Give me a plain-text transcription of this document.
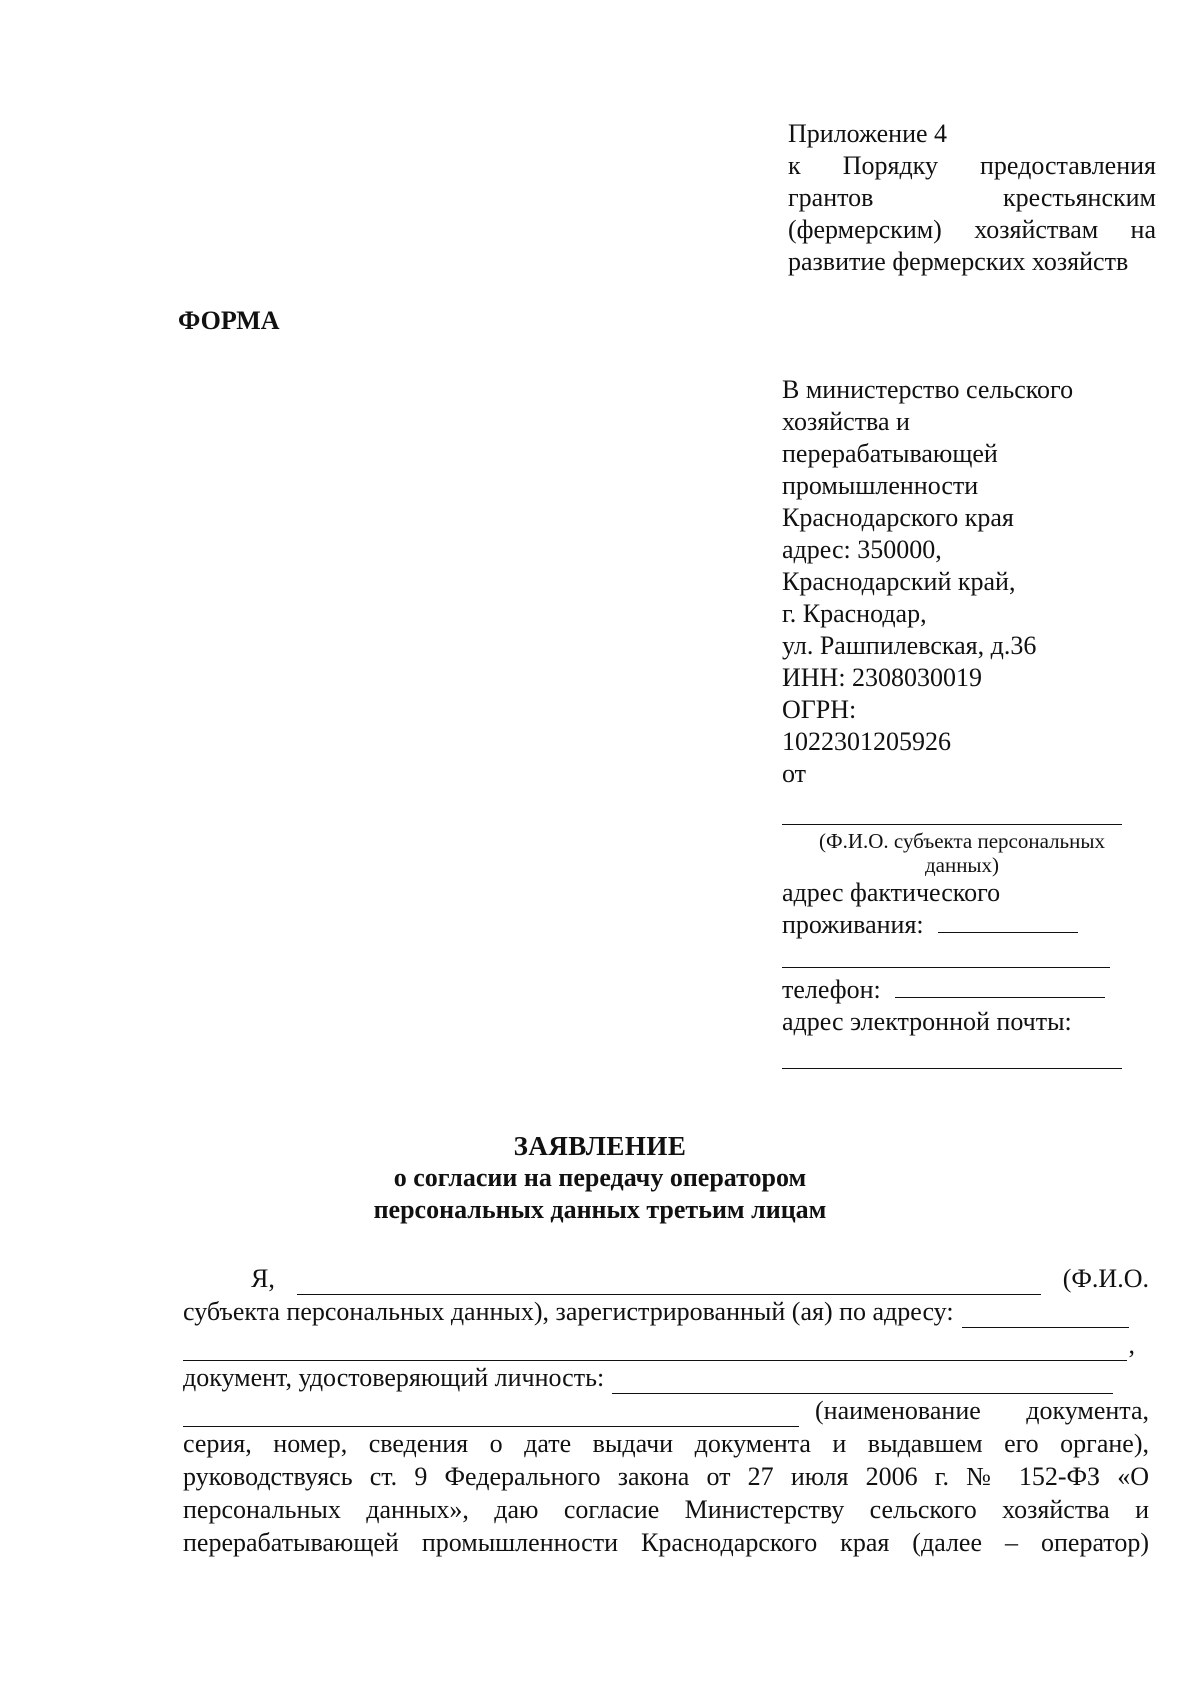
Приложение 4
к Порядку предоставления
грантов крестьянским
(фермерским) хозяйствам на
развитие фермерских хозяйств
ФОРМА
В министерство сельского
хозяйства и
перерабатывающей
промышленности
Краснодарского края
адрес: 350000,
Краснодарский край,
г. Краснодар,
ул. Рашпилевская, д.36
ИНН: 2308030019
ОГРН:
1022301205926
от
(Ф.И.О. субъекта персональных
данных)
адрес фактического
проживания:
телефон:
адрес электронной почты:
ЗАЯВЛЕНИЕ
о согласии на передачу оператором
персональных данных третьим лицам
Я,	(Ф.И.О.
субъекта персональных данных), зарегистрированный (ая) по адресу:
,
документ, удостоверяющий личность:
(наименование документа,
серия, номер, сведения о дате выдачи документа и выдавшем его органе),
руководствуясь ст. 9 Федерального закона от 27 июля 2006 г. № 152-ФЗ «О
персональных данных», даю согласие Министерству сельского хозяйства и
перерабатывающей промышленности Краснодарского края (далее – оператор)
